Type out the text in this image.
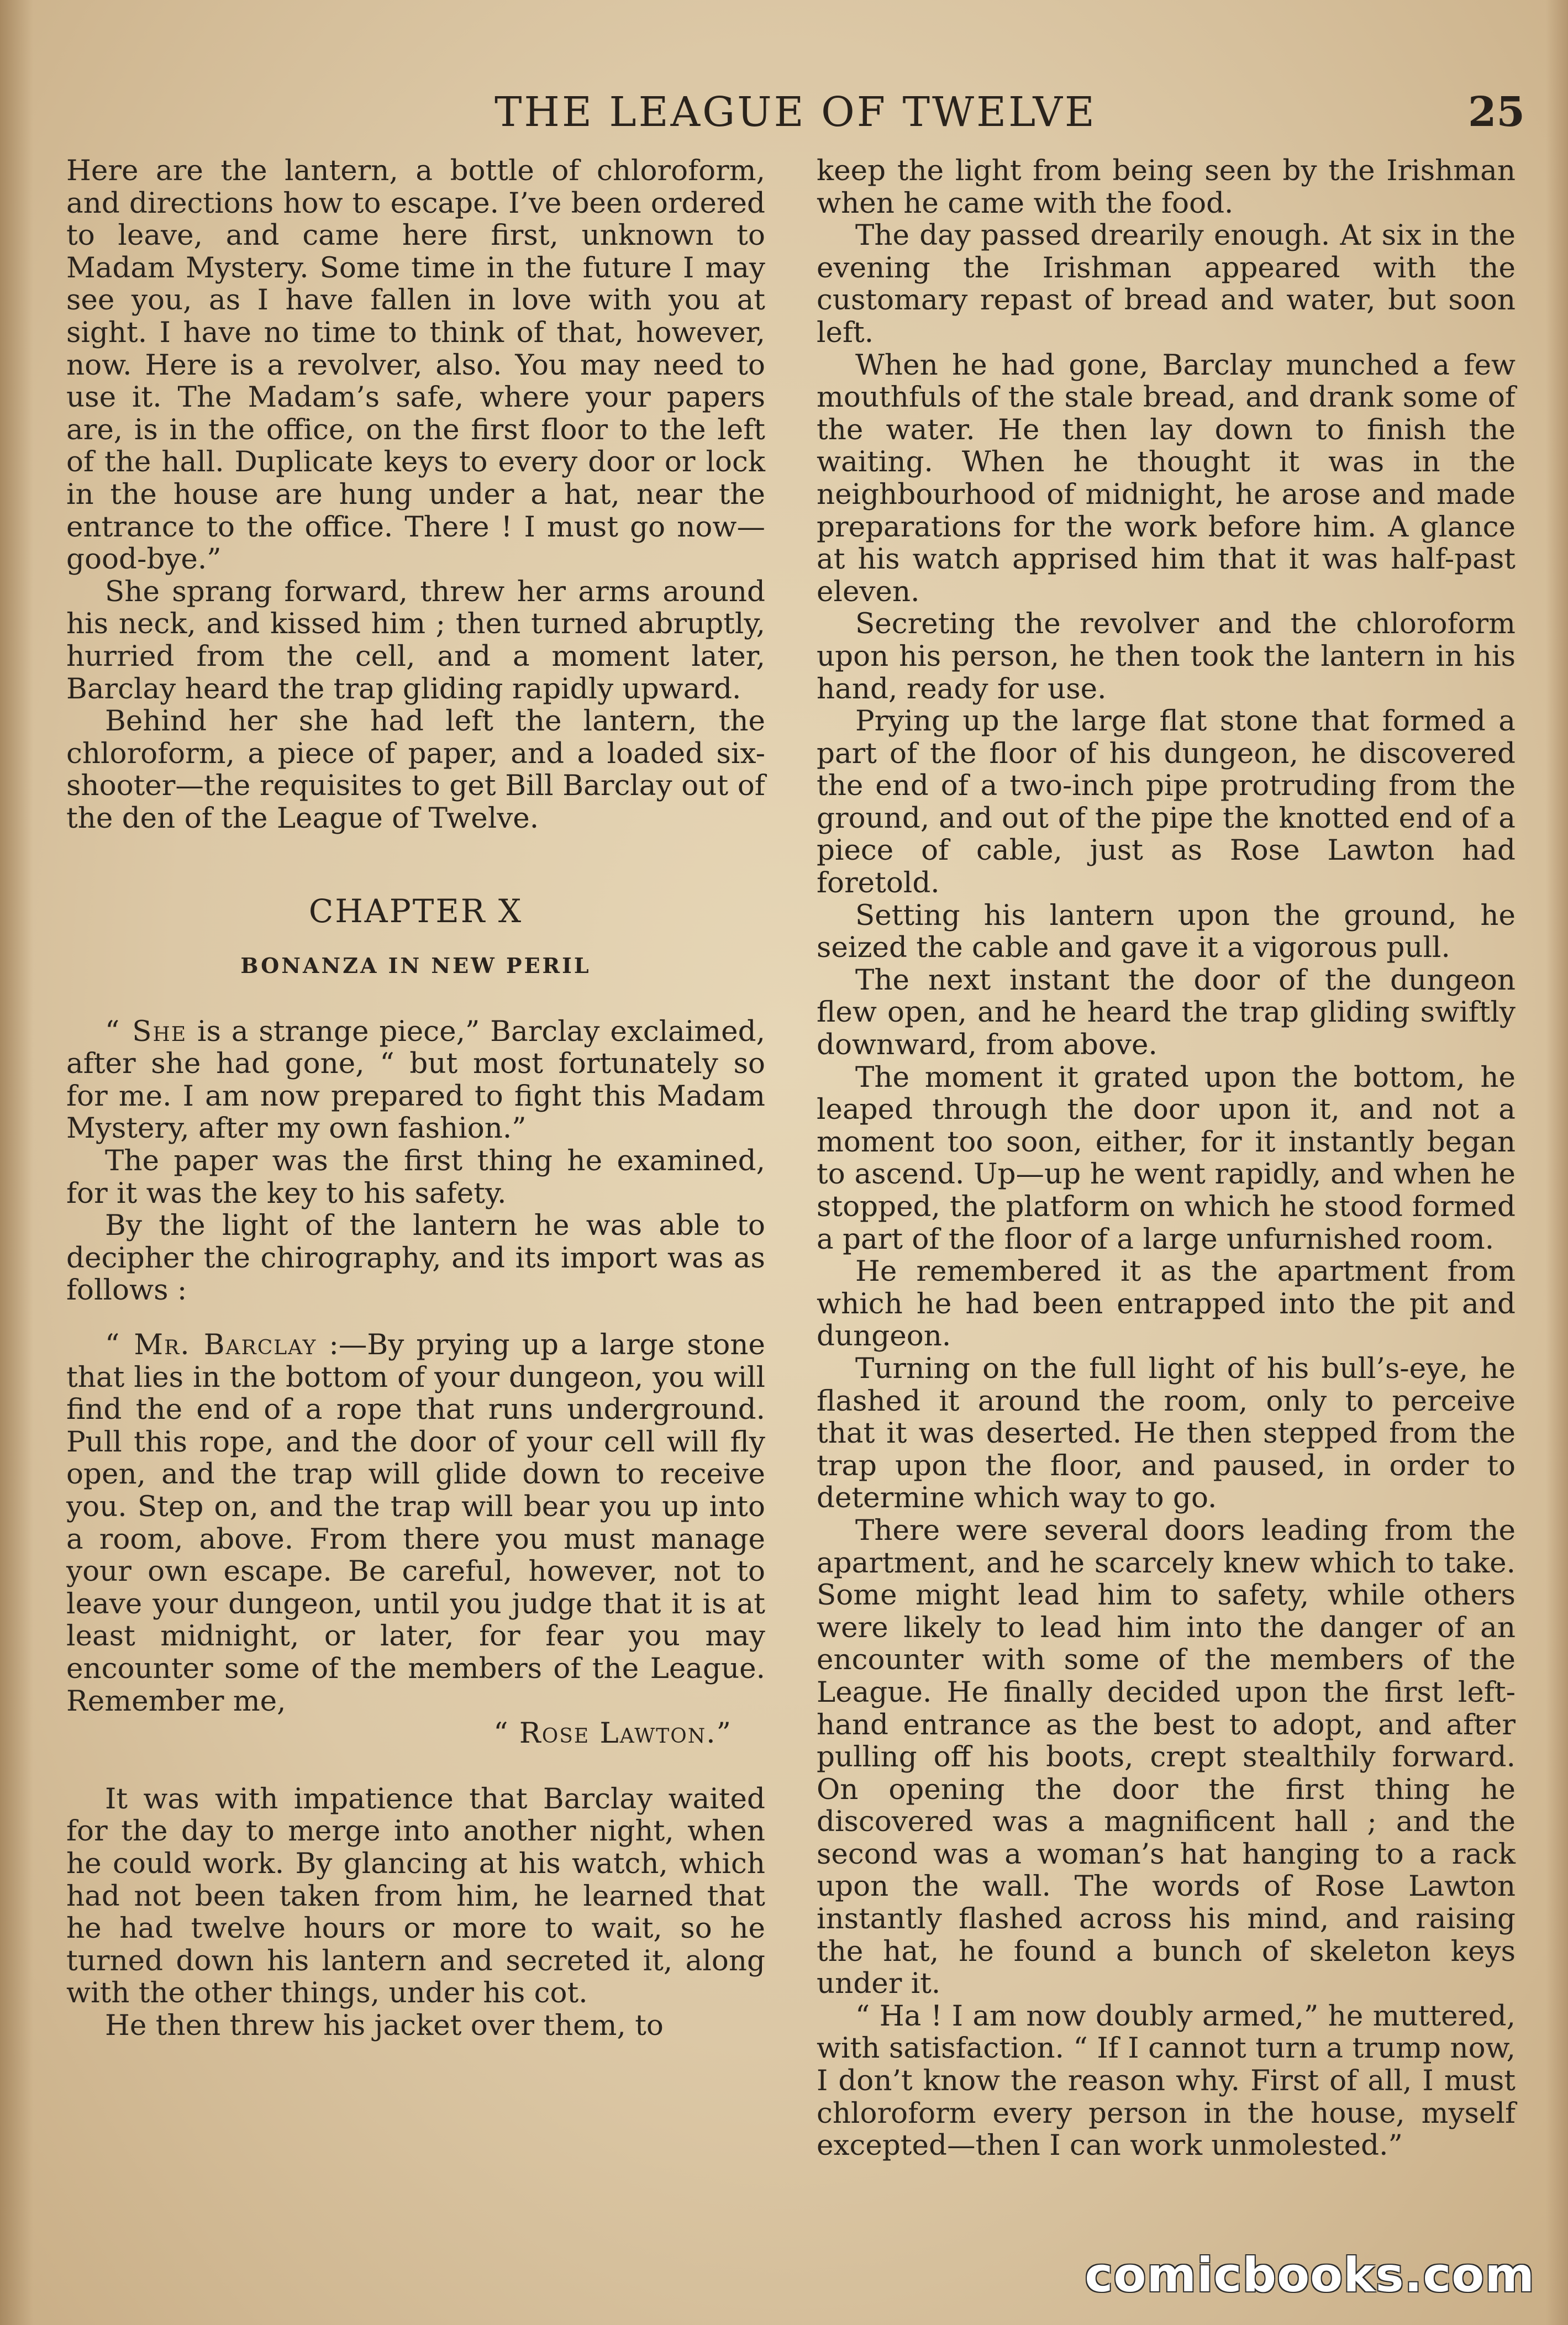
THE LEAGUE OF TWELVE	25

Here are the lantern, a bottle of chloroform, and directions how to escape. I’ve been ordered to leave, and came here first, unknown to Madam Mystery. Some time in the future I may see you, as I have fallen in love with you at sight. I have no time to think of that, however, now. Here is a revolver, also. You may need to use it. The Madam’s safe, where your papers are, is in the office, on the first floor to the left of the hall. Duplicate keys to every door or lock in the house are hung under a hat, near the entrance to the office. There ! I must go now—good-bye.”

She sprang forward, threw her arms around his neck, and kissed him ; then turned abruptly, hurried from the cell, and a moment later, Barclay heard the trap gliding rapidly upward.

Behind her she had left the lantern, the chloroform, a piece of paper, and a loaded six-shooter—the requisites to get Bill Barclay out of the den of the League of Twelve.

CHAPTER X

BONANZA IN NEW PERIL

“ She is a strange piece,” Barclay exclaimed, after she had gone, “ but most fortunately so for me. I am now prepared to fight this Madam Mystery, after my own fashion.”

The paper was the first thing he examined, for it was the key to his safety.

By the light of the lantern he was able to decipher the chirography, and its import was as follows :

“ Mr. Barclay :—By prying up a large stone that lies in the bottom of your dungeon, you will find the end of a rope that runs underground. Pull this rope, and the door of your cell will fly open, and the trap will glide down to receive you. Step on, and the trap will bear you up into a room, above. From there you must manage your own escape. Be careful, however, not to leave your dungeon, until you judge that it is at least midnight, or later, for fear you may encounter some of the members of the League. Remember me,

“ Rose Lawton.”

It was with impatience that Barclay waited for the day to merge into another night, when he could work. By glancing at his watch, which had not been taken from him, he learned that he had twelve hours or more to wait, so he turned down his lantern and secreted it, along with the other things, under his cot.

He then threw his jacket over them, to

keep the light from being seen by the Irishman when he came with the food.

The day passed drearily enough. At six in the evening the Irishman appeared with the customary repast of bread and water, but soon left.

When he had gone, Barclay munched a few mouthfuls of the stale bread, and drank some of the water. He then lay down to finish the waiting. When he thought it was in the neighbourhood of midnight, he arose and made preparations for the work before him. A glance at his watch apprised him that it was half-past eleven.

Secreting the revolver and the chloroform upon his person, he then took the lantern in his hand, ready for use.

Prying up the large flat stone that formed a part of the floor of his dungeon, he discovered the end of a two-inch pipe protruding from the ground, and out of the pipe the knotted end of a piece of cable, just as Rose Lawton had foretold.

Setting his lantern upon the ground, he seized the cable and gave it a vigorous pull.

The next instant the door of the dungeon flew open, and he heard the trap gliding swiftly downward, from above.

The moment it grated upon the bottom, he leaped through the door upon it, and not a moment too soon, either, for it instantly began to ascend. Up—up he went rapidly, and when he stopped, the platform on which he stood formed a part of the floor of a large unfurnished room.

He remembered it as the apartment from which he had been entrapped into the pit and dungeon.

Turning on the full light of his bull’s-eye, he flashed it around the room, only to perceive that it was deserted. He then stepped from the trap upon the floor, and paused, in order to determine which way to go.

There were several doors leading from the apartment, and he scarcely knew which to take. Some might lead him to safety, while others were likely to lead him into the danger of an encounter with some of the members of the League. He finally decided upon the first left-hand entrance as the best to adopt, and after pulling off his boots, crept stealthily forward. On opening the door the first thing he discovered was a magnificent hall ; and the second was a woman’s hat hanging to a rack upon the wall. The words of Rose Lawton instantly flashed across his mind, and raising the hat, he found a bunch of skeleton keys under it.

“ Ha ! I am now doubly armed,” he muttered, with satisfaction. “ If I cannot turn a trump now, I don’t know the reason why. First of all, I must chloroform every person in the house, myself excepted—then I can work unmolested.”

comicbooks.com
